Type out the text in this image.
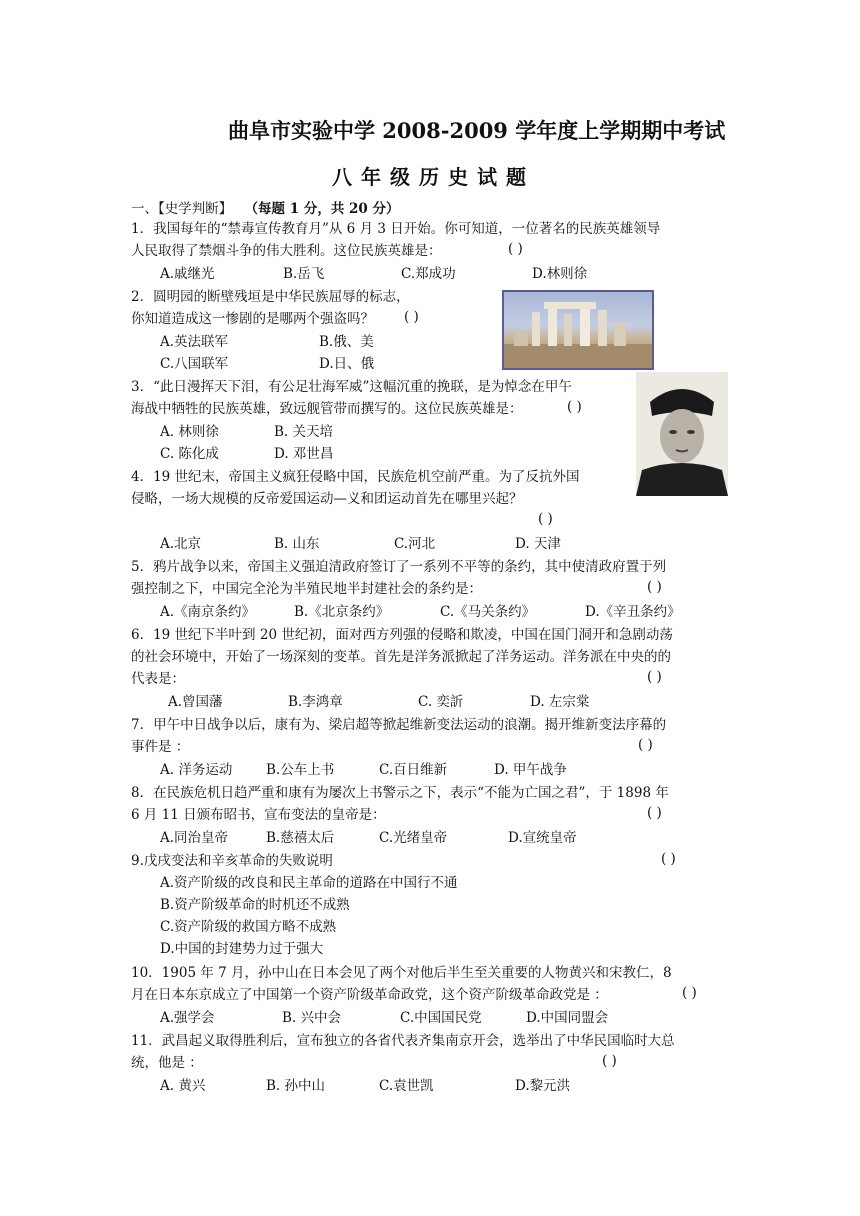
曲阜市实验中学 2008-2009 学年度上学期期中考试
八年级历史试题
一、【史学判断】 （每题 1 分，共 20 分）
1．我国每年的“禁毒宣传教育月”从 6 月 3 日开始。你可知道，一位著名的民族英雄领导
人民取得了禁烟斗争的伟大胜利。这位民族英雄是：	( )
A.戚继光	B.岳飞	C.郑成功	D.林则徐
2．圆明园的断壁残垣是中华民族屈辱的标志，
你知道造成这一惨剧的是哪两个强盗吗？ ( )
A.英法联军	B.俄、美
C.八国联军	D.日、俄
3．“此日漫挥天下泪，有公足壮海军威”这幅沉重的挽联，是为悼念在甲午
海战中牺牲的民族英雄，致远舰管带而撰写的。这位民族英雄是：	( )
A. 林则徐	B. 关天培
C. 陈化成	D. 邓世昌
4．19 世纪末，帝国主义疯狂侵略中国，民族危机空前严重。为了反抗外国
侵略，一场大规模的反帝爱国运动—义和团运动首先在哪里兴起？
( )
A.北京	B. 山东	C.河北	D. 天津
5．鸦片战争以来，帝国主义强迫清政府签订了一系列不平等的条约，其中使清政府置于列
强控制之下，中国完全沦为半殖民地半封建社会的条约是：	( )
A.《南京条约》	B.《北京条约》	C.《马关条约》	D.《辛丑条约》
6．19 世纪下半叶到 20 世纪初，面对西方列强的侵略和欺凌，中国在国门洞开和急剧动荡
的社会环境中，开始了一场深刻的变革。首先是洋务派掀起了洋务运动。洋务派在中央的的
代表是：	( )
A.曾国藩	B.李鸿章	C. 奕訢	D. 左宗棠
7．甲午中日战争以后，康有为、梁启超等掀起维新变法运动的浪潮。揭开维新变法序幕的
事件是 ：	( )
A. 洋务运动 B.公车上书	C.百日维新	D. 甲午战争
8．在民族危机日趋严重和康有为屡次上书警示之下，表示“不能为亡国之君”，于 1898 年
6 月 11 日颁布昭书，宣布变法的皇帝是：	( )
A.同治皇帝	B.慈禧太后	C.光绪皇帝	D.宣统皇帝
9.戊戌变法和辛亥革命的失败说明	( )
A.资产阶级的改良和民主革命的道路在中国行不通
B.资产阶级革命的时机还不成熟
C.资产阶级的救国方略不成熟
D.中国的封建势力过于强大
10．1905 年 7 月，孙中山在日本会见了两个对他后半生至关重要的人物黄兴和宋教仁，8
月在日本东京成立了中国第一个资产阶级革命政党，这个资产阶级革命政党是 ：	( )
A.强学会	B. 兴中会	C.中国国民党	D.中国同盟会
11．武昌起义取得胜利后，宣布独立的各省代表齐集南京开会，选举出了中华民国临时大总
统，他是 ：	( )
A. 黄兴	B. 孙中山	C.袁世凯	D.黎元洪
